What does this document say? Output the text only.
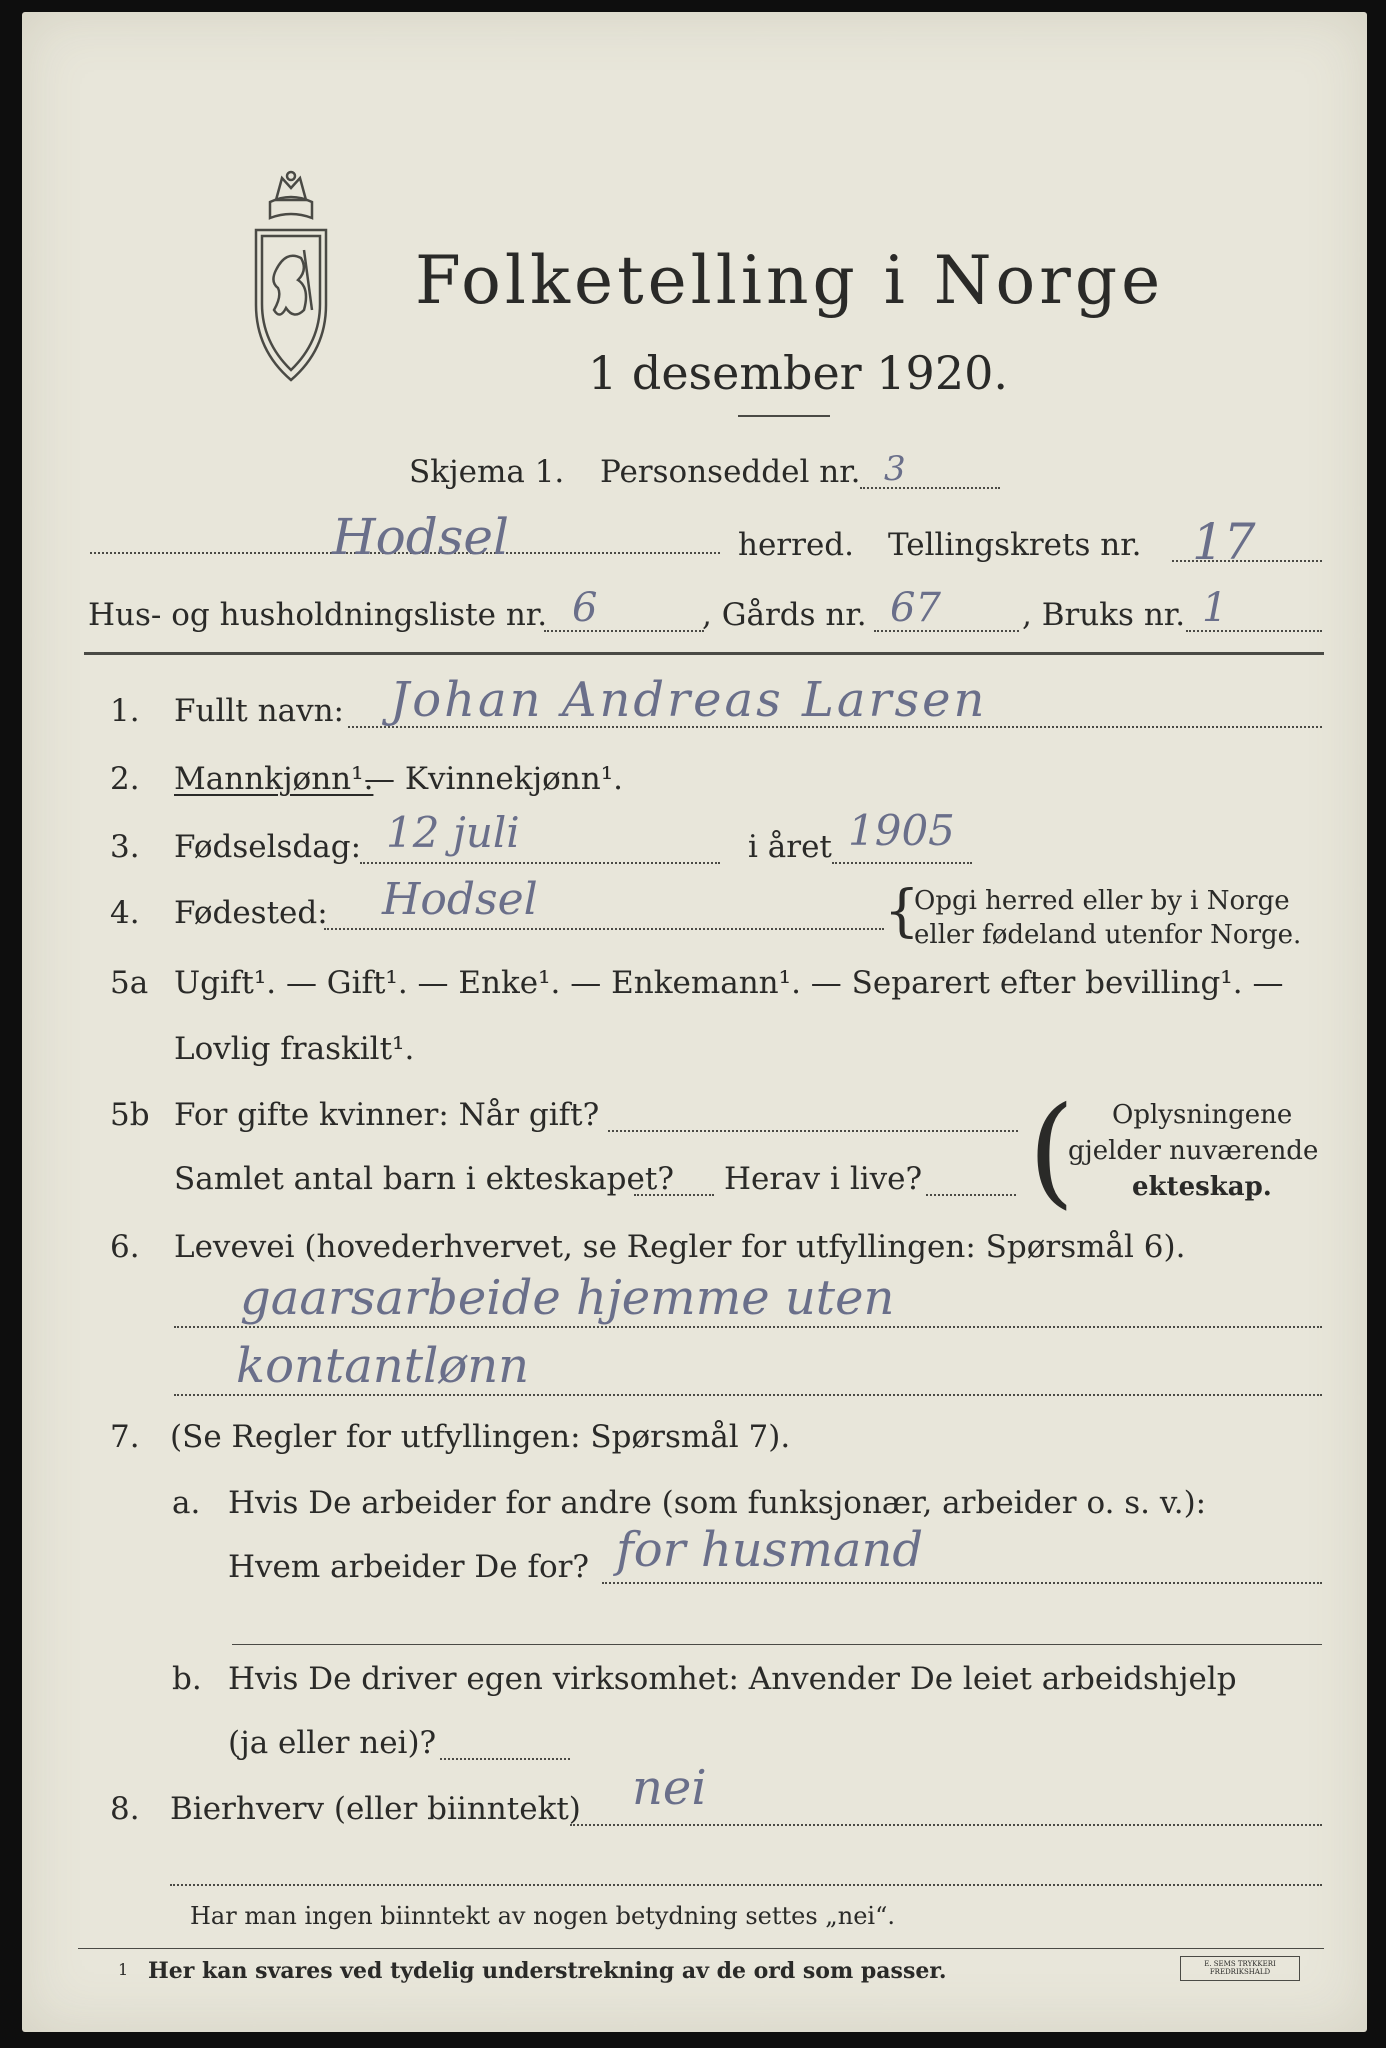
Folketelling i Norge
1 desember 1920.
Skjema 1. Personseddel nr. 3
Hodsel	herred. Tellingskrets nr. 17
Hus- og husholdningsliste nr. 6	, Gårds nr. 67	, Bruks nr. 1
1. Fullt navn: Johan Andreas Larsen
2. Mannkjønn¹.
— Kvinnekjønn¹.
3. Fødselsdag: 12 juli	i året 1905
4. Fødested: Hodsel	{
Opgi herred eller by i Norge
eller fødeland utenfor Norge.
5a Ugift¹. — Gift¹. — Enke¹. — Enkemann¹. — Separert efter bevilling¹. —
Lovlig fraskilt¹.
5b For gifte kvinner: Når gift?
Samlet antal barn i ekteskapet? Herav i live? ( Oplysningene
gjelder nuværende
ekteskap.
6. Levevei (hovederhvervet, se Regler for utfyllingen: Spørsmål 6).
gaarsarbeide hjemme uten
kontantlønn
7. (Se Regler for utfyllingen: Spørsmål 7).
a. Hvis De arbeider for andre (som funksjonær, arbeider o. s. v.):
Hvem arbeider De for? for husmand
b. Hvis De driver egen virksomhet: Anvender De leiet arbeidshjelp
(ja eller nei)?
8. Bierhverv (eller biinntekt) nei
Har man ingen biinntekt av nogen betydning settes „nei“.
1 Her kan svares ved tydelig understrekning av de ord som passer.	E. SEMS TRYKKERI FREDRIKSHALD
